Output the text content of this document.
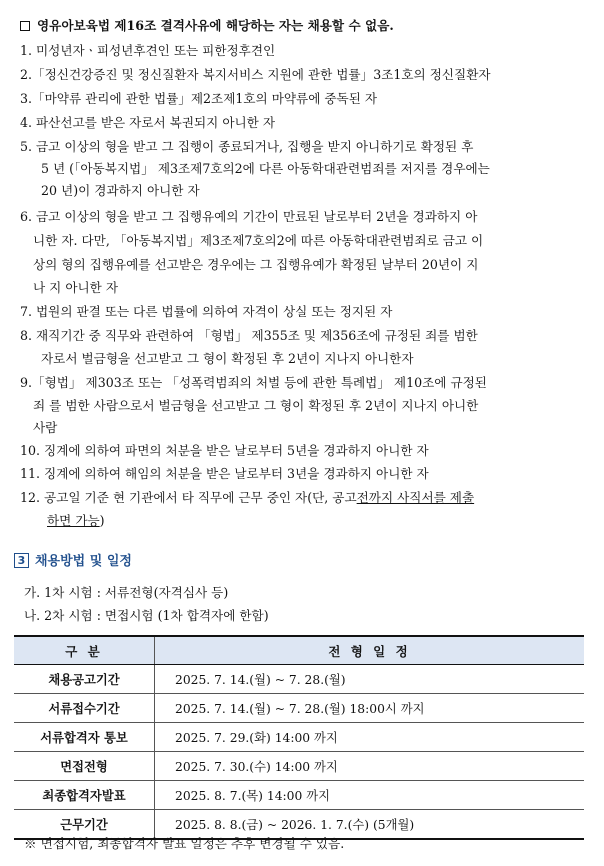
영유아보육법 제16조 결격사유에 해당하는 자는 채용할 수 없음.
1. 미성년자ㆍ피성년후견인 또는 피한정후견인
2.「정신건강증진 및 정신질환자 복지서비스 지원에 관한 법률」3조1호의 정신질환자
3.「마약류 관리에 관한 법률」제2조제1호의 마약류에 중독된 자
4. 파산선고를 받은 자로서 복권되지 아니한 자
5. 금고 이상의 형을 받고 그 집행이 종료되거나, 집행을 받지 아니하기로 확정된 후
5 년 (「아동복지법」 제3조제7호의2에 다른 아동학대관련범죄를 저지를 경우에는
20 년)이 경과하지 아니한 자
6. 금고 이상의 형을 받고 그 집행유예의 기간이 만료된 날로부터 2년을 경과하지 아
니한 자. 다만, 「아동복지법」제3조제7호의2에 따른 아동학대관련범죄로 금고 이
상의 형의 집행유예를 선고받은 경우에는 그 집행유예가 확정된 날부터 20년이 지
나 지 아니한 자
7. 법원의 판결 또는 다른 법률에 의하여 자격이 상실 또는 정지된 자
8. 재직기간 중 직무와 관련하여 「형법」 제355조 및 제356조에 규정된 죄를 범한
자로서 벌금형을 선고받고 그 형이 확정된 후 2년이 지나지 아니한자
9.「형법」 제303조 또는 「성폭력범죄의 처벌 등에 관한 특례법」 제10조에 규정된
죄 를 범한 사람으로서 벌금형을 선고받고 그 형이 확정된 후 2년이 지나지 아니한
사람
10. 징계에 의하여 파면의 처분을 받은 날로부터 5년을 경과하지 아니한 자
11. 징계에 의하여 해임의 처분을 받은 날로부터 3년을 경과하지 아니한 자
12. 공고일 기준 현 기관에서 타 직무에 근무 중인 자(단, 공고전까지 사직서를 제출
하면 가능)
3 채용방법 및 일정
가. 1차 시험 : 서류전형(자격심사 등)
나. 2차 시험 : 면접시험 (1차 합격자에 한함)
구 분	전 형 일 정
채용공고기간	2025. 7. 14.(월) ~ 7. 28.(월)
서류접수기간	2025. 7. 14.(월) ~ 7. 28.(월) 18:00시 까지
서류합격자 통보	2025. 7. 29.(화) 14:00 까지
면접전형	2025. 7. 30.(수) 14:00 까지
최종합격자발표	2025. 8. 7.(목) 14:00 까지
근무기간	2025. 8. 8.(금) ~ 2026. 1. 7.(수) (5개월)
※ 면접시험, 최종합격자 발표 일정은 추후 변경될 수 있음.
